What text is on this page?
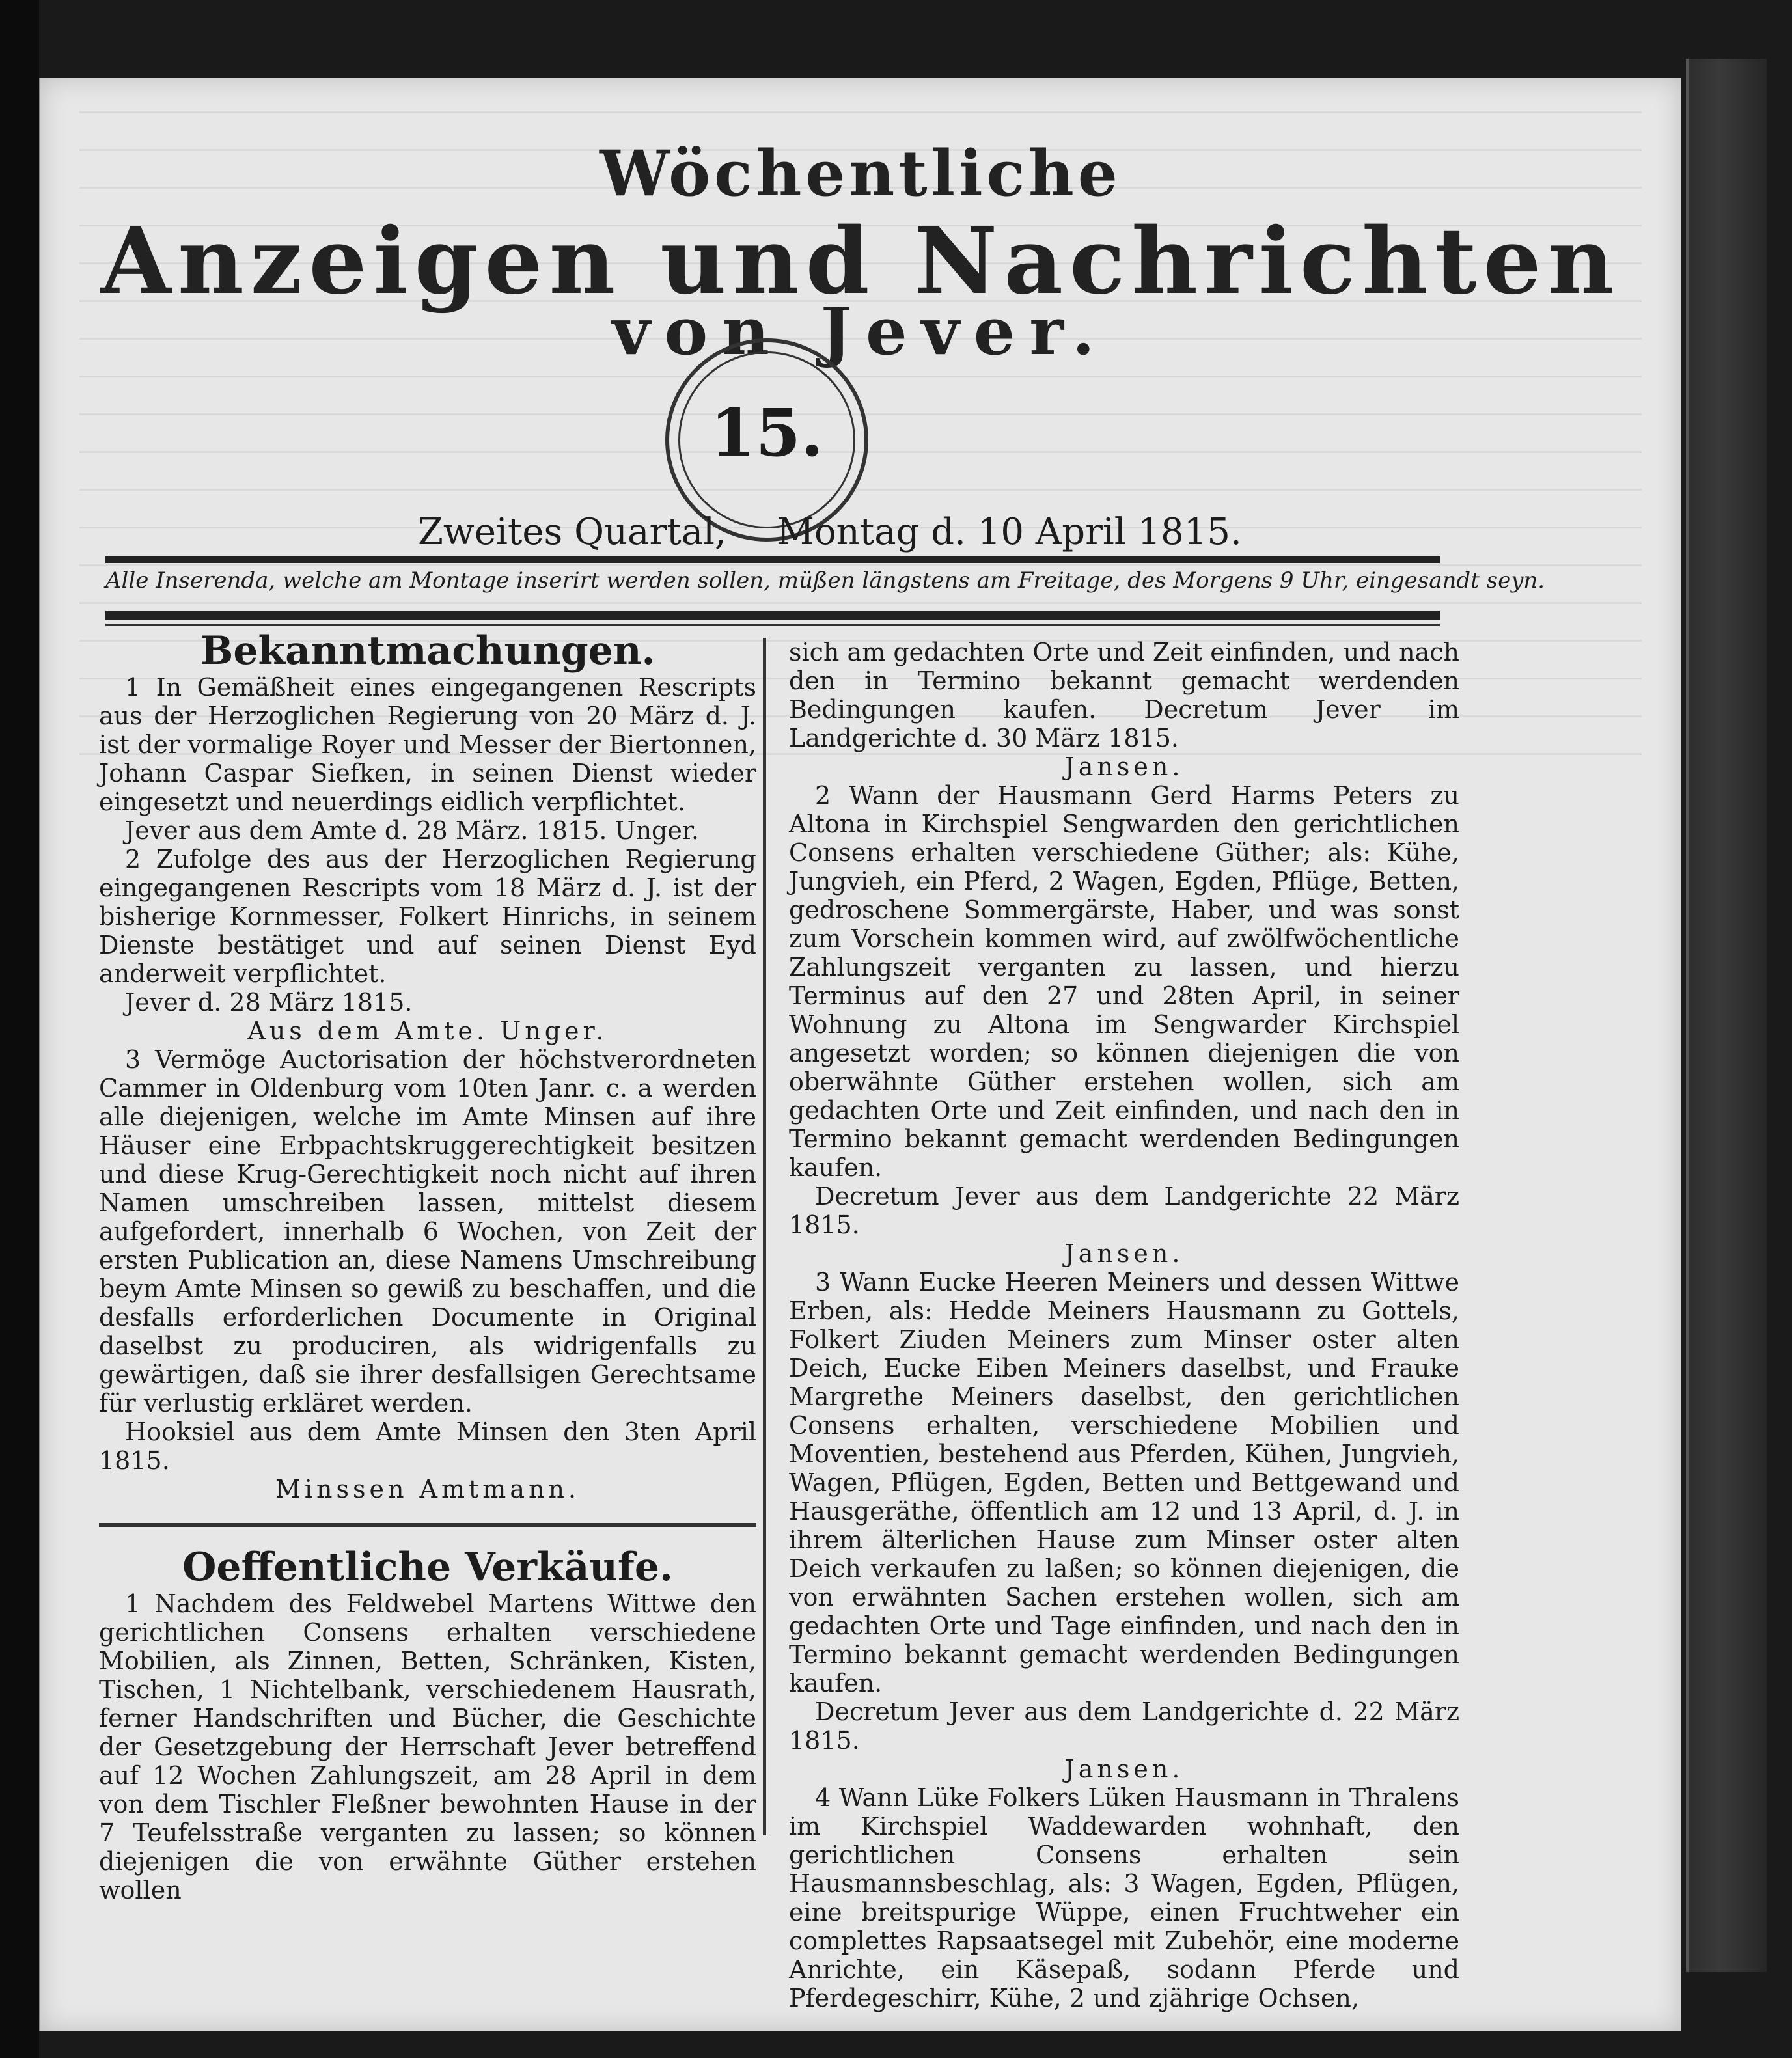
Wöchentliche
Anzeigen und Nachrichten
von Jever.
15.
Zweites Quartal, Montag d. 10 April 1815.
Alle Inserenda, welche am Montage inserirt werden sollen, müßen längstens am Freitage, des Morgens 9 Uhr, eingesandt seyn.
Bekanntmachungen.

1 In Gemäßheit eines eingegangenen Rescripts aus der Herzoglichen Regierung von 20 März d. J. ist der vormalige Royer und Messer der Biertonnen, Johann Caspar Siefken, in seinen Dienst wieder eingesetzt und neuerdings eidlich verpflichtet.

Jever aus dem Amte d. 28 März. 1815. Unger.

2 Zufolge des aus der Herzoglichen Regierung eingegangenen Rescripts vom 18 März d. J. ist der bisherige Kornmesser, Folkert Hinrichs, in seinem Dienste bestätiget und auf seinen Dienst Eyd anderweit verpflichtet.

Jever d. 28 März 1815.

Aus dem Amte. Unger.

3 Vermöge Auctorisation der höchstverordneten Cammer in Oldenburg vom 10ten Janr. c. a werden alle diejenigen, welche im Amte Minsen auf ihre Häuser eine Erbpachtskruggerechtigkeit besitzen und diese Krug-Gerechtigkeit noch nicht auf ihren Namen umschreiben lassen, mittelst diesem aufgefordert, innerhalb 6 Wochen, von Zeit der ersten Publication an, diese Namens Umschreibung beym Amte Minsen so gewiß zu beschaffen, und die desfalls erforderlichen Documente in Original daselbst zu produciren, als widrigenfalls zu gewärtigen, daß sie ihrer desfallsigen Gerechtsame für verlustig erkläret werden.

Hooksiel aus dem Amte Minsen den 3ten April 1815.

Minssen Amtmann.

Oeffentliche Verkäufe.

1 Nachdem des Feldwebel Martens Wittwe den gerichtlichen Consens erhalten verschiedene Mobilien, als Zinnen, Betten, Schränken, Kisten, Tischen, 1 Nichtelbank, verschiedenem Hausrath, ferner Handschriften und Bücher, die Geschichte der Gesetzgebung der Herrschaft Jever betreffend auf 12 Wochen Zahlungszeit, am 28 April in dem von dem Tischler Fleßner bewohnten Hause in der 7 Teufelsstraße verganten zu lassen; so können diejenigen die von erwähnte Güther erstehen wollen

sich am gedachten Orte und Zeit einfinden, und nach den in Termino bekannt gemacht werdenden Bedingungen kaufen. Decretum Jever im Landgerichte d. 30 März 1815.

Jansen.

2 Wann der Hausmann Gerd Harms Peters zu Altona in Kirchspiel Sengwarden den gerichtlichen Consens erhalten verschiedene Güther; als: Kühe, Jungvieh, ein Pferd, 2 Wagen, Egden, Pflüge, Betten, gedroschene Sommergärste, Haber, und was sonst zum Vorschein kommen wird, auf zwölfwöchentliche Zahlungszeit verganten zu lassen, und hierzu Terminus auf den 27 und 28ten April, in seiner Wohnung zu Altona im Sengwarder Kirchspiel angesetzt worden; so können diejenigen die von oberwähnte Güther erstehen wollen, sich am gedachten Orte und Zeit einfinden, und nach den in Termino bekannt gemacht werdenden Bedingungen kaufen.

Decretum Jever aus dem Landgerichte 22 März 1815.

Jansen.

3 Wann Eucke Heeren Meiners und dessen Wittwe Erben, als: Hedde Meiners Hausmann zu Gottels, Folkert Ziuden Meiners zum Minser oster alten Deich, Eucke Eiben Meiners daselbst, und Frauke Margrethe Meiners daselbst, den gerichtlichen Consens erhalten, verschiedene Mobilien und Moventien, bestehend aus Pferden, Kühen, Jungvieh, Wagen, Pflügen, Egden, Betten und Bettgewand und Hausgeräthe, öffentlich am 12 und 13 April, d. J. in ihrem älterlichen Hause zum Minser oster alten Deich verkaufen zu laßen; so können diejenigen, die von erwähnten Sachen erstehen wollen, sich am gedachten Orte und Tage einfinden, und nach den in Termino bekannt gemacht werdenden Bedingungen kaufen.

Decretum Jever aus dem Landgerichte d. 22 März 1815.

Jansen.

4 Wann Lüke Folkers Lüken Hausmann in Thralens im Kirchspiel Waddewarden wohnhaft, den gerichtlichen Consens erhalten sein Hausmannsbeschlag, als: 3 Wagen, Egden, Pflügen, eine breitspurige Wüppe, einen Fruchtweher ein complettes Rapsaatsegel mit Zubehör, eine moderne Anrichte, ein Käsepaß, sodann Pferde und Pferdegeschirr, Kühe, 2 und zjährige Ochsen,
